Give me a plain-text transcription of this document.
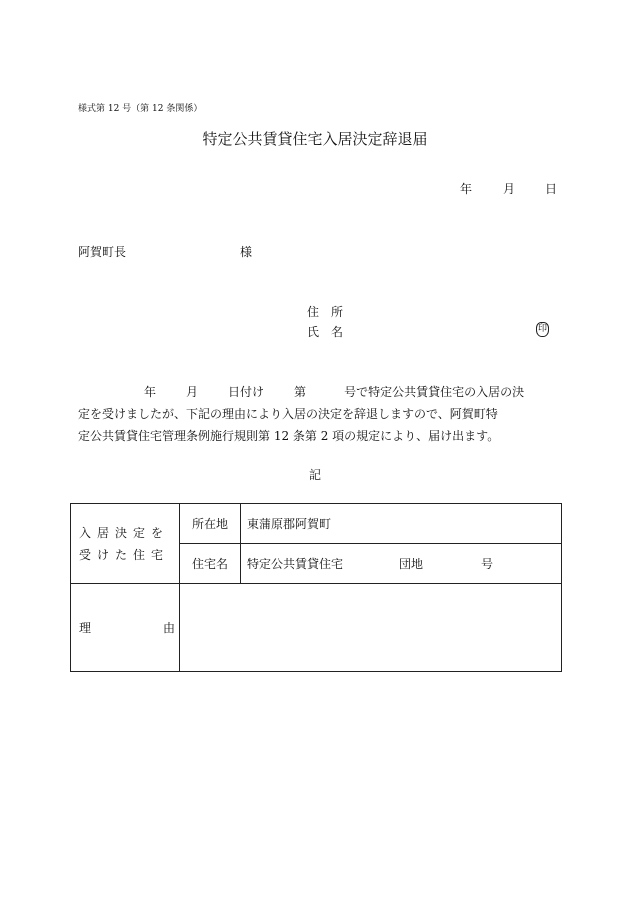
様式第 12 号（第 12 条関係）
特定公共賃貸住宅入居決定辞退届
年	月 日
阿賀町長	様
住　所
氏　名	印
年	月	日付け	第	号で特定公共賃貸住宅の入居の決
定を受けましたが、下記の理由により入居の決定を辞退しますので、阿賀町特
定公共賃貸住宅管理条例施行規則第 12 条第 2 項の規定により、届け出ます。
記
入居決定を
受けた住宅	所在地	東蒲原郡阿賀町
	住宅名	特定公共賃貸住宅 団地 号
理 由		
